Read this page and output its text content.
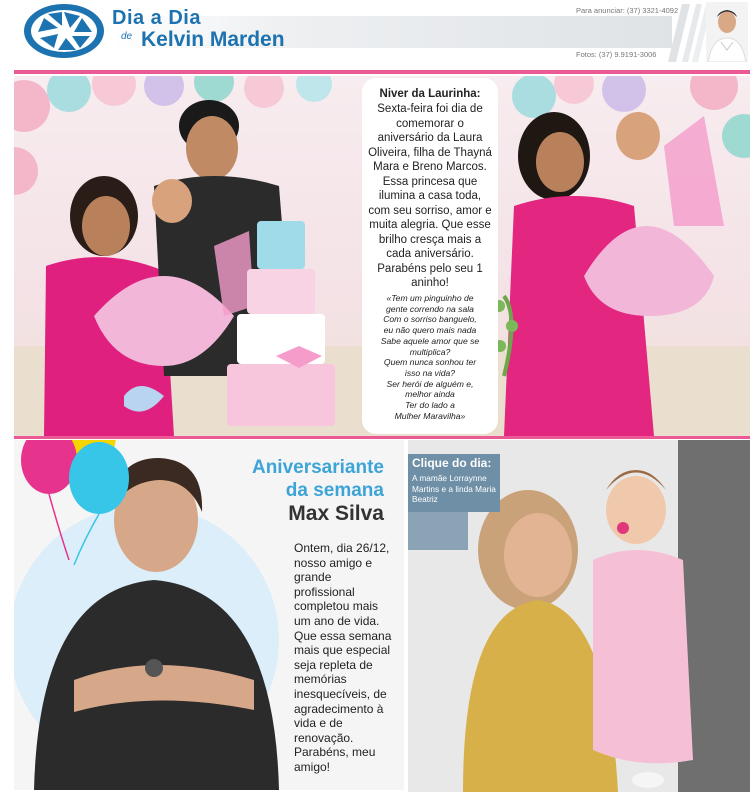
Dia a Dia
de Kelvin Marden
Para anunciar: (37) 3321-4092
Fotos: (37) 9.9191-3006
Niver da Laurinha:
Sexta-feira foi dia de comemorar o aniversário da Laura Oliveira, filha de Thayná Mara e Breno Marcos. Essa princesa que ilumina a casa toda, com seu sorriso, amor e muita alegria. Que esse brilho cresça mais a cada aniversário. Parabéns pelo seu 1 aninho!
«Tem um pinguinho de
gente correndo na sala
Com o sorriso banguelo,
eu não quero mais nada
Sabe aquele amor que se
multiplica?
Quem nunca sonhou ter
isso na vida?
Ser herói de alguém e,
melhor ainda
Ter do lado a
Mulher Maravilha»
Aniversariante
da semana
Max Silva
Ontem, dia 26/12, nosso amigo e grande profissional completou mais um ano de vida. Que essa semana mais que especial seja repleta de memórias inesquecíveis, de agradecimento à vida e de renovação. Parabéns, meu amigo!
Clique do dia:
A mamãe Lorraynne Martins e a linda Maria Beatriz
